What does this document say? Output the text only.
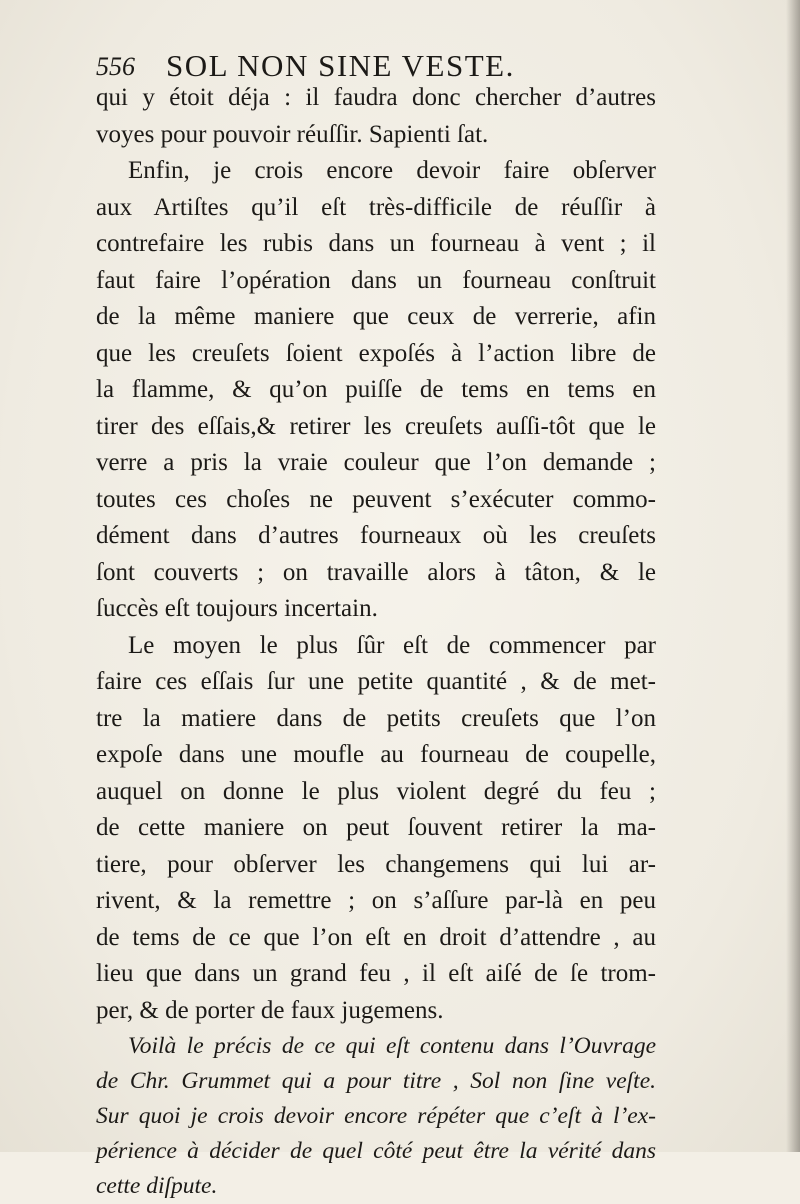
556 SOL NON SINE VESTE.
qui y étoit déja : il faudra donc chercher d’autres
voyes pour pouvoir réuſſir. Sapienti ſat.
Enfin, je crois encore devoir faire obſerver
aux Artiſtes qu’il eſt très-difficile de réuſſir à
contrefaire les rubis dans un fourneau à vent ; il
faut faire l’opération dans un fourneau conſtruit
de la même maniere que ceux de verrerie, afin
que les creuſets ſoient expoſés à l’action libre de
la flamme, & qu’on puiſſe de tems en tems en
tirer des eſſais,& retirer les creuſets auſſi-tôt que le
verre a pris la vraie couleur que l’on demande ;
toutes ces choſes ne peuvent s’exécuter commo-
dément dans d’autres fourneaux où les creuſets
ſont couverts ; on travaille alors à tâton, & le
ſuccès eſt toujours incertain.
Le moyen le plus ſûr eſt de commencer par
faire ces eſſais ſur une petite quantité , & de met-
tre la matiere dans de petits creuſets que l’on
expoſe dans une moufle au fourneau de coupelle,
auquel on donne le plus violent degré du feu ;
de cette maniere on peut ſouvent retirer la ma-
tiere, pour obſerver les changemens qui lui ar-
rivent, & la remettre ; on s’aſſure par-là en peu
de tems de ce que l’on eſt en droit d’attendre , au
lieu que dans un grand feu , il eſt aiſé de ſe trom-
per, & de porter de faux jugemens.
Voilà le précis de ce qui eſt contenu dans l’Ouvrage
de Chr. Grummet qui a pour titre , Sol non ſine veſte.
Sur quoi je crois devoir encore répéter que c’eſt à l’ex-
périence à décider de quel côté peut être la vérité dans
cette diſpute.
